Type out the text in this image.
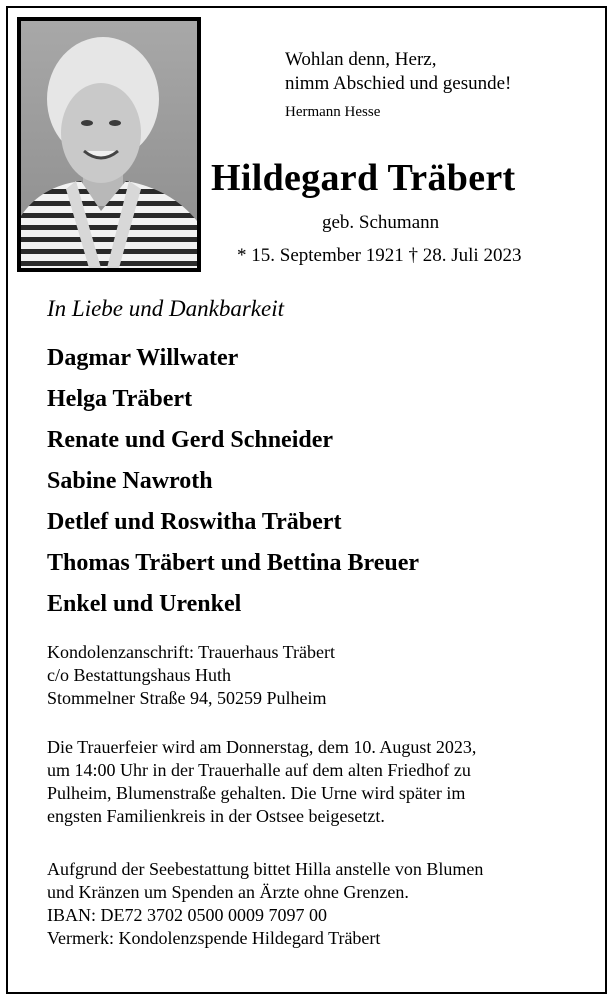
Wohlan denn, Herz,
nimm Abschied und gesunde!
Hermann Hesse
Hildegard Träbert
geb. Schumann
* 15. September 1921 † 28. Juli 2023
In Liebe und Dankbarkeit
Dagmar Willwater
Helga Träbert
Renate und Gerd Schneider
Sabine Nawroth
Detlef und Roswitha Träbert
Thomas Träbert und Bettina Breuer
Enkel und Urenkel
Kondolenzanschrift: Trauerhaus Träbert
c/o Bestattungshaus Huth
Stommelner Straße 94, 50259 Pulheim
Die Trauerfeier wird am Donnerstag, dem 10. August 2023,
um 14:00 Uhr in der Trauerhalle auf dem alten Friedhof zu
Pulheim, Blumenstraße gehalten. Die Urne wird später im
engsten Familienkreis in der Ostsee beigesetzt.
Aufgrund der Seebestattung bittet Hilla anstelle von Blumen
und Kränzen um Spenden an Ärzte ohne Grenzen.
IBAN: DE72 3702 0500 0009 7097 00
Vermerk: Kondolenzspende Hildegard Träbert
